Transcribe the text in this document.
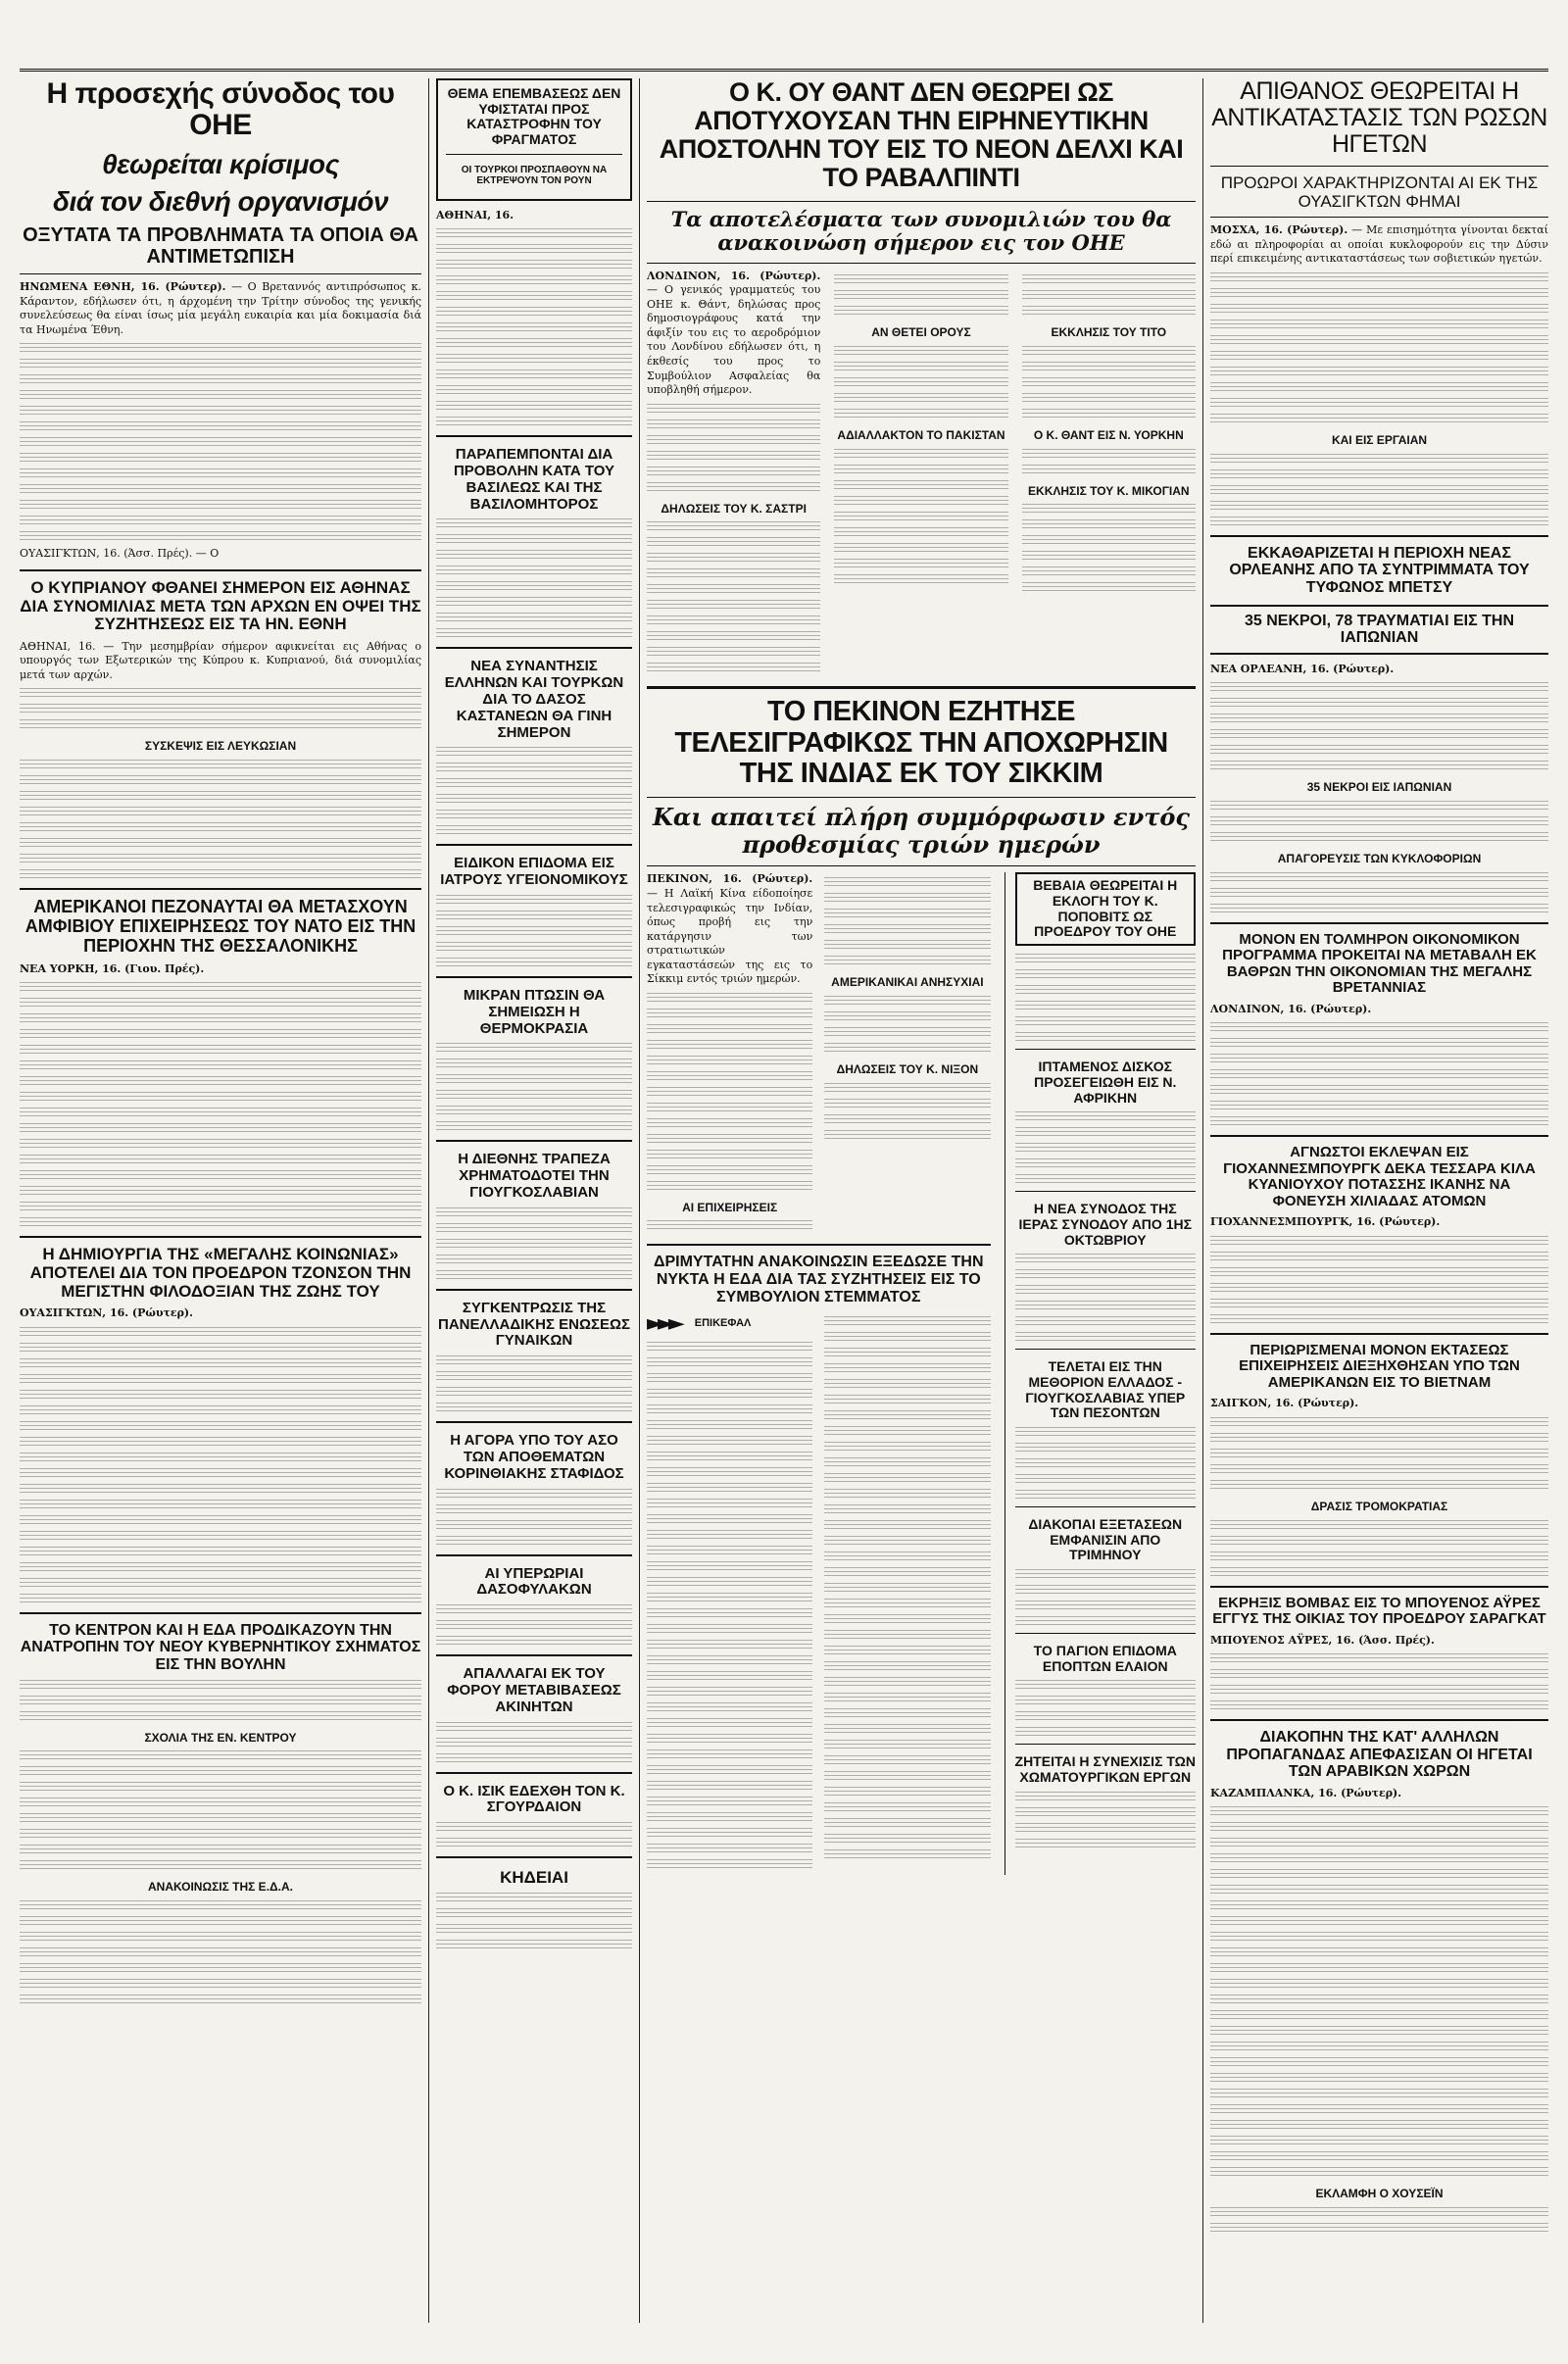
Η προσεχής σύνοδος του ΟΗΕ
θεωρείται κρίσιμος
διά τον διεθνή οργανισμόν
ΟΞΥΤΑΤΑ ΤΑ ΠΡΟΒΛΗΜΑΤΑ ΤΑ ΟΠΟΙΑ ΘΑ ΑΝΤΙΜΕΤΩΠΙΣΗ

ΗΝΩΜΕΝΑ ΕΘΝΗ, 16. (Ρώυτερ). — Ο Βρεταννός αντιπρόσωπος κ. Κάραντον, εδήλωσεν ότι, η άρχομένη την Τρίτην σύνοδος της γενικής συνελεύσεως θα είναι ίσως μία μεγάλη ευκαιρία και μία δοκιμασία διά τα Ηνωμένα Έθνη.

ΟΥΑΣΙΓΚΤΩΝ, 16. (Άσσ. Πρές). — Ο

Ο ΚΥΠΡΙΑΝΟΥ ΦΘΑΝΕΙ ΣΗΜΕΡΟΝ ΕΙΣ ΑΘΗΝΑΣ ΔΙΑ ΣΥΝΟΜΙΛΙΑΣ ΜΕΤΑ ΤΩΝ ΑΡΧΩΝ ΕΝ ΟΨΕΙ ΤΗΣ ΣΥΖΗΤΗΣΕΩΣ ΕΙΣ ΤΑ ΗΝ. ΕΘΝΗ

ΑΘΗΝΑΙ, 16. — Την μεσημβρίαν σήμερον αφικνείται εις Αθήνας ο υπουργός των Εξωτερικών της Κύπρου κ. Κυπριανού, διά συνομιλίας μετά των αρχών.

ΣΥΣΚΕΨΙΣ ΕΙΣ ΛΕΥΚΩΣΙΑΝ
ΑΜΕΡΙΚΑΝΟΙ ΠΕΖΟΝΑΥΤΑΙ ΘΑ ΜΕΤΑΣΧΟΥΝ ΑΜΦΙΒΙΟΥ ΕΠΙΧΕΙΡΗΣΕΩΣ ΤΟΥ ΝΑΤΟ ΕΙΣ ΤΗΝ ΠΕΡΙΟΧΗΝ ΤΗΣ ΘΕΣΣΑΛΟΝΙΚΗΣ

ΝΕΑ ΥΟΡΚΗ, 16. (Γιου. Πρές).

Η ΔΗΜΙΟΥΡΓΙΑ ΤΗΣ «ΜΕΓΑΛΗΣ ΚΟΙΝΩΝΙΑΣ» ΑΠΟΤΕΛΕΙ ΔΙΑ ΤΟΝ ΠΡΟΕΔΡΟΝ ΤΖΟΝΣΟΝ ΤΗΝ ΜΕΓΙΣΤΗΝ ΦΙΛΟΔΟΞΙΑΝ ΤΗΣ ΖΩΗΣ ΤΟΥ

ΟΥΑΣΙΓΚΤΩΝ, 16. (Ρώυτερ).

ΤΟ ΚΕΝΤΡΟΝ ΚΑΙ Η ΕΔΑ ΠΡΟΔΙΚΑΖΟΥΝ ΤΗΝ ΑΝΑΤΡΟΠΗΝ ΤΟΥ ΝΕΟΥ ΚΥΒΕΡΝΗΤΙΚΟΥ ΣΧΗΜΑΤΟΣ ΕΙΣ ΤΗΝ ΒΟΥΛΗΝ
ΣΧΟΛΙΑ ΤΗΣ ΕΝ. ΚΕΝΤΡΟΥ
ΑΝΑΚΟΙΝΩΣΙΣ ΤΗΣ Ε.Δ.Α.
ΘΕΜΑ ΕΠΕΜΒΑΣΕΩΣ ΔΕΝ ΥΦΙΣΤΑΤΑΙ ΠΡΟΣ ΚΑΤΑΣΤΡΟΦΗΝ ΤΟΥ ΦΡΑΓΜΑΤΟΣ
ΟΙ ΤΟΥΡΚΟΙ ΠΡΟΣΠΑΘΟΥΝ ΝΑ ΕΚΤΡΕΨΟΥΝ ΤΟΝ ΡΟΥΝ

ΑΘΗΝΑΙ, 16.

ΠΑΡΑΠΕΜΠΟΝΤΑΙ ΔΙΑ ΠΡΟΒΟΛΗΝ ΚΑΤΑ ΤΟΥ ΒΑΣΙΛΕΩΣ ΚΑΙ ΤΗΣ ΒΑΣΙΛΟΜΗΤΟΡΟΣ
ΝΕΑ ΣΥΝΑΝΤΗΣΙΣ ΕΛΛΗΝΩΝ ΚΑΙ ΤΟΥΡΚΩΝ ΔΙΑ ΤΟ ΔΑΣΟΣ ΚΑΣΤΑΝΕΩΝ ΘΑ ΓΙΝΗ ΣΗΜΕΡΟΝ
ΕΙΔΙΚΟΝ ΕΠΙΔΟΜΑ ΕΙΣ ΙΑΤΡΟΥΣ ΥΓΕΙΟΝΟΜΙΚΟΥΣ
ΜΙΚΡΑΝ ΠΤΩΣΙΝ ΘΑ ΣΗΜΕΙΩΣΗ Η ΘΕΡΜΟΚΡΑΣΙΑ
Η ΔΙΕΘΝΗΣ ΤΡΑΠΕΖΑ ΧΡΗΜΑΤΟΔΟΤΕΙ ΤΗΝ ΓΙΟΥΓΚΟΣΛΑΒΙΑΝ
ΣΥΓΚΕΝΤΡΩΣΙΣ ΤΗΣ ΠΑΝΕΛΛΑΔΙΚΗΣ ΕΝΩΣΕΩΣ ΓΥΝΑΙΚΩΝ
Η ΑΓΟΡΑ ΥΠΟ ΤΟΥ ΑΣΟ ΤΩΝ ΑΠΟΘΕΜΑΤΩΝ ΚΟΡΙΝΘΙΑΚΗΣ ΣΤΑΦΙΔΟΣ
ΑΙ ΥΠΕΡΩΡΙΑΙ ΔΑΣΟΦΥΛΑΚΩΝ
ΑΠΑΛΛΑΓΑΙ ΕΚ ΤΟΥ ΦΟΡΟΥ ΜΕΤΑΒΙΒΑΣΕΩΣ ΑΚΙΝΗΤΩΝ
Ο Κ. ΙΣΙΚ ΕΔΕΧΘΗ ΤΟΝ Κ. ΣΓΟΥΡΔΑΙΟΝ
ΚΗΔΕΙΑΙ
Ο Κ. ΟΥ ΘΑΝΤ ΔΕΝ ΘΕΩΡΕΙ ΩΣ ΑΠΟΤΥΧΟΥΣΑΝ ΤΗΝ ΕΙΡΗΝΕΥΤΙΚΗΝ ΑΠΟΣΤΟΛΗΝ ΤΟΥ ΕΙΣ ΤΟ ΝΕΟΝ ΔΕΛΧΙ ΚΑΙ ΤΟ ΡΑΒΑΛΠΙΝΤΙ
Τα αποτελέσματα των συνομιλιών του θα ανακοινώση σήμερον εις τον ΟΗΕ

ΛΟΝΔΙΝΟΝ, 16. (Ρώυτερ). — Ο γενικός γραμματεύς του ΟΗΕ κ. Θάντ, δηλώσας προς δημοσιογράφους κατά την άφιξίν του εις το αεροδρόμιον του Λονδίνου εδήλωσεν ότι, η έκθεσίς του προς το Συμβούλιον Ασφαλείας θα υποβληθή σήμερον.

ΔΗΛΩΣΕΙΣ ΤΟΥ Κ. ΣΑΣΤΡΙ
ΑΝ ΘΕΤΕΙ ΟΡΟΥΣ
ΑΔΙΑΛΛΑΚΤΟΝ ΤΟ ΠΑΚΙΣΤΑΝ
ΕΚΚΛΗΣΙΣ ΤΟΥ ΤΙΤΟ
Ο Κ. ΘΑΝΤ ΕΙΣ Ν. ΥΟΡΚΗΝ
ΕΚΚΛΗΣΙΣ ΤΟΥ Κ. ΜΙΚΟΓΙΑΝ
ΤΟ ΠΕΚΙΝΟΝ ΕΖΗΤΗΣΕ ΤΕΛΕΣΙΓΡΑΦΙΚΩΣ ΤΗΝ ΑΠΟΧΩΡΗΣΙΝ ΤΗΣ ΙΝΔΙΑΣ ΕΚ ΤΟΥ ΣΙΚΚΙΜ
Και απαιτεί πλήρη συμμόρφωσιν εντός προθεσμίας τριών ημερών

ΠΕΚΙΝΟΝ, 16. (Ρώυτερ). — Η Λαϊκή Κίνα είδοποίησε τελεσιγραφικώς την Ινδίαν, όπως προβή εις την κατάργησιν των στρατιωτικών εγκαταστάσεών της εις το Σίκκιμ εντός τριών ημερών.

ΑΙ ΕΠΙΧΕΙΡΗΣΕΙΣ
ΑΜΕΡΙΚΑΝΙΚΑΙ ΑΝΗΣΥΧΙΑΙ
ΔΗΛΩΣΕΙΣ ΤΟΥ Κ. ΝΙΞΟΝ
ΔΡΙΜΥΤΑΤΗΝ ΑΝΑΚΟΙΝΩΣΙΝ ΕΞΕΔΩΣΕ ΤΗΝ ΝΥΚΤΑ Η ΕΔΑ ΔΙΑ ΤΑΣ ΣΥΖΗΤΗΣΕΙΣ ΕΙΣ ΤΟ ΣΥΜΒΟΥΛΙΟΝ ΣΤΕΜΜΑΤΟΣ
►►► ΕΠΙΚΕΦΑΛ
ΒΕΒΑΙΑ ΘΕΩΡΕΙΤΑΙ Η ΕΚΛΟΓΗ ΤΟΥ Κ. ΠΟΠΟΒΙΤΣ ΩΣ ΠΡΟΕΔΡΟΥ ΤΟΥ ΟΗΕ
ΙΠΤΑΜΕΝΟΣ ΔΙΣΚΟΣ ΠΡΟΣΕΓΕΙΩΘΗ ΕΙΣ Ν. ΑΦΡΙΚΗΝ
Η ΝΕΑ ΣΥΝΟΔΟΣ ΤΗΣ ΙΕΡΑΣ ΣΥΝΟΔΟΥ ΑΠΟ 1ΗΣ ΟΚΤΩΒΡΙΟΥ
ΤΕΛΕΤΑΙ ΕΙΣ ΤΗΝ ΜΕΘΟΡΙΟΝ ΕΛΛΑΔΟΣ - ΓΙΟΥΓΚΟΣΛΑΒΙΑΣ ΥΠΕΡ ΤΩΝ ΠΕΣΟΝΤΩΝ
ΔΙΑΚΟΠΑΙ ΕΞΕΤΑΣΕΩΝ ΕΜΦΑΝΙΣΙΝ ΑΠΟ ΤΡΙΜΗΝΟΥ
ΤΟ ΠΑΓΙΟΝ ΕΠΙΔΟΜΑ ΕΠΟΠΤΩΝ ΕΛΑΙΟΝ
ΖΗΤΕΙΤΑΙ Η ΣΥΝΕΧΙΣΙΣ ΤΩΝ ΧΩΜΑΤΟΥΡΓΙΚΩΝ ΕΡΓΩΝ
ΑΠΙΘΑΝΟΣ ΘΕΩΡΕΙΤΑΙ Η ΑΝΤΙΚΑΤΑΣΤΑΣΙΣ ΤΩΝ ΡΩΣΩΝ ΗΓΕΤΩΝ
ΠΡΟΩΡΟΙ ΧΑΡΑΚΤΗΡΙΖΟΝΤΑΙ ΑΙ ΕΚ ΤΗΣ ΟΥΑΣΙΓΚΤΩΝ ΦΗΜΑΙ

ΜΟΣΧΑ, 16. (Ρώυτερ). — Με επισημότητα γίνονται δεκταί εδώ αι πληροφορίαι αι οποίαι κυκλοφορούν εις την Δύσιν περί επικειμένης αντικαταστάσεως των σοβιετικών ηγετών.

ΚΑΙ ΕΙΣ ΕΡΓΑΙΑΝ
ΕΚΚΑΘΑΡΙΖΕΤΑΙ Η ΠΕΡΙΟΧΗ ΝΕΑΣ ΟΡΛΕΑΝΗΣ ΑΠΟ ΤΑ ΣΥΝΤΡΙΜΜΑΤΑ ΤΟΥ ΤΥΦΩΝΟΣ ΜΠΕΤΣΥ
35 ΝΕΚΡΟΙ, 78 ΤΡΑΥΜΑΤΙΑΙ ΕΙΣ ΤΗΝ ΙΑΠΩΝΙΑΝ

ΝΕΑ ΟΡΛΕΑΝΗ, 16. (Ρώυτερ).

35 ΝΕΚΡΟΙ ΕΙΣ ΙΑΠΩΝΙΑΝ
ΑΠΑΓΟΡΕΥΣΙΣ ΤΩΝ ΚΥΚΛΟΦΟΡΙΩΝ
ΜΟΝΟΝ ΕΝ ΤΟΛΜΗΡΟΝ ΟΙΚΟΝΟΜΙΚΟΝ ΠΡΟΓΡΑΜΜΑ ΠΡΟΚΕΙΤΑΙ ΝΑ ΜΕΤΑΒΑΛΗ ΕΚ ΒΑΘΡΩΝ ΤΗΝ ΟΙΚΟΝΟΜΙΑΝ ΤΗΣ ΜΕΓΑΛΗΣ ΒΡΕΤΑΝΝΙΑΣ

ΛΟΝΔΙΝΟΝ, 16. (Ρώυτερ).

ΑΓΝΩΣΤΟΙ ΕΚΛΕΨΑΝ ΕΙΣ ΓΙΟΧΑΝΝΕΣΜΠΟΥΡΓΚ ΔΕΚΑ ΤΕΣΣΑΡΑ ΚΙΛΑ ΚΥΑΝΙΟΥΧΟΥ ΠΟΤΑΣΣΗΣ ΙΚΑΝΗΣ ΝΑ ΦΟΝΕΥΣΗ ΧΙΛΙΑΔΑΣ ΑΤΟΜΩΝ

ΓΙΟΧΑΝΝΕΣΜΠΟΥΡΓΚ, 16. (Ρώυτερ).

ΠΕΡΙΩΡΙΣΜΕΝΑΙ ΜΟΝΟΝ ΕΚΤΑΣΕΩΣ ΕΠΙΧΕΙΡΗΣΕΙΣ ΔΙΕΞΗΧΘΗΣΑΝ ΥΠΟ ΤΩΝ ΑΜΕΡΙΚΑΝΩΝ ΕΙΣ ΤΟ ΒΙΕΤΝΑΜ

ΣΑΙΓΚΟΝ, 16. (Ρώυτερ).

ΔΡΑΣΙΣ ΤΡΟΜΟΚΡΑΤΙΑΣ
ΕΚΡΗΞΙΣ ΒΟΜΒΑΣ ΕΙΣ ΤΟ ΜΠΟΥΕΝΟΣ ΑΫΡΕΣ ΕΓΓΥΣ ΤΗΣ ΟΙΚΙΑΣ ΤΟΥ ΠΡΟΕΔΡΟΥ ΣΑΡΑΓΚΑΤ

ΜΠΟΥΕΝΟΣ ΑΫΡΕΣ, 16. (Άσσ. Πρές).

ΔΙΑΚΟΠΗΝ ΤΗΣ ΚΑΤ' ΑΛΛΗΛΩΝ ΠΡΟΠΑΓΑΝΔΑΣ ΑΠΕΦΑΣΙΣΑΝ ΟΙ ΗΓΕΤΑΙ ΤΩΝ ΑΡΑΒΙΚΩΝ ΧΩΡΩΝ

ΚΑΖΑΜΠΛΑΝΚΑ, 16. (Ρώυτερ).

ΕΚΛΑΜΦΗ Ο ΧΟΥΣΕΪΝ
